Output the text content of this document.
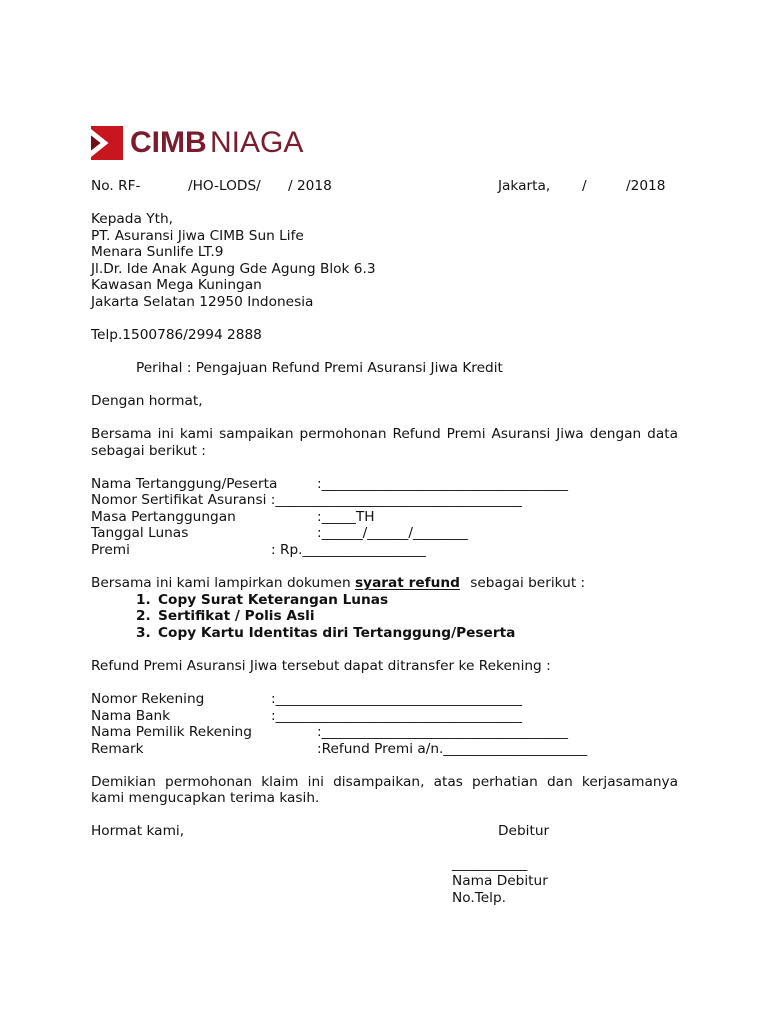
CIMB NIAGA
No. RF-	/HO-LODS/ / 2018	Jakarta, /	/2018
Kepada Yth,
PT. Asuransi Jiwa CIMB Sun Life
Menara Sunlife LT.9
Jl.Dr. Ide Anak Agung Gde Agung Blok 6.3
Kawasan Mega Kuningan
Jakarta Selatan 12950 Indonesia
Telp.1500786/2994 2888
Perihal : Pengajuan Refund Premi Asuransi Jiwa Kredit
Dengan hormat,
Bersama ini kami sampaikan permohonan Refund Premi Asuransi Jiwa dengan data
sebagai berikut :
Nama Tertanggung/Peserta	:____________________________________
Nomor Sertifikat Asuransi :____________________________________
Masa Pertanggungan	:_____TH
Tanggal Lunas	:______/______/________
Premi	: Rp.__________________
Bersama ini kami lampirkan dokumen syarat refund sebagai berikut :
1. Copy Surat Keterangan Lunas
2. Sertifikat / Polis Asli
3. Copy Kartu Identitas diri Tertanggung/Peserta
Refund Premi Asuransi Jiwa tersebut dapat ditransfer ke Rekening :
Nomor Rekening	:____________________________________
Nama Bank	:____________________________________
Nama Pemilik Rekening	:____________________________________
Remark	:Refund Premi a/n._____________________
Demikian permohonan klaim ini disampaikan, atas perhatian dan kerjasamanya
kami mengucapkan terima kasih.
Hormat kami,	Debitur
___________
Nama Debitur
No.Telp.
